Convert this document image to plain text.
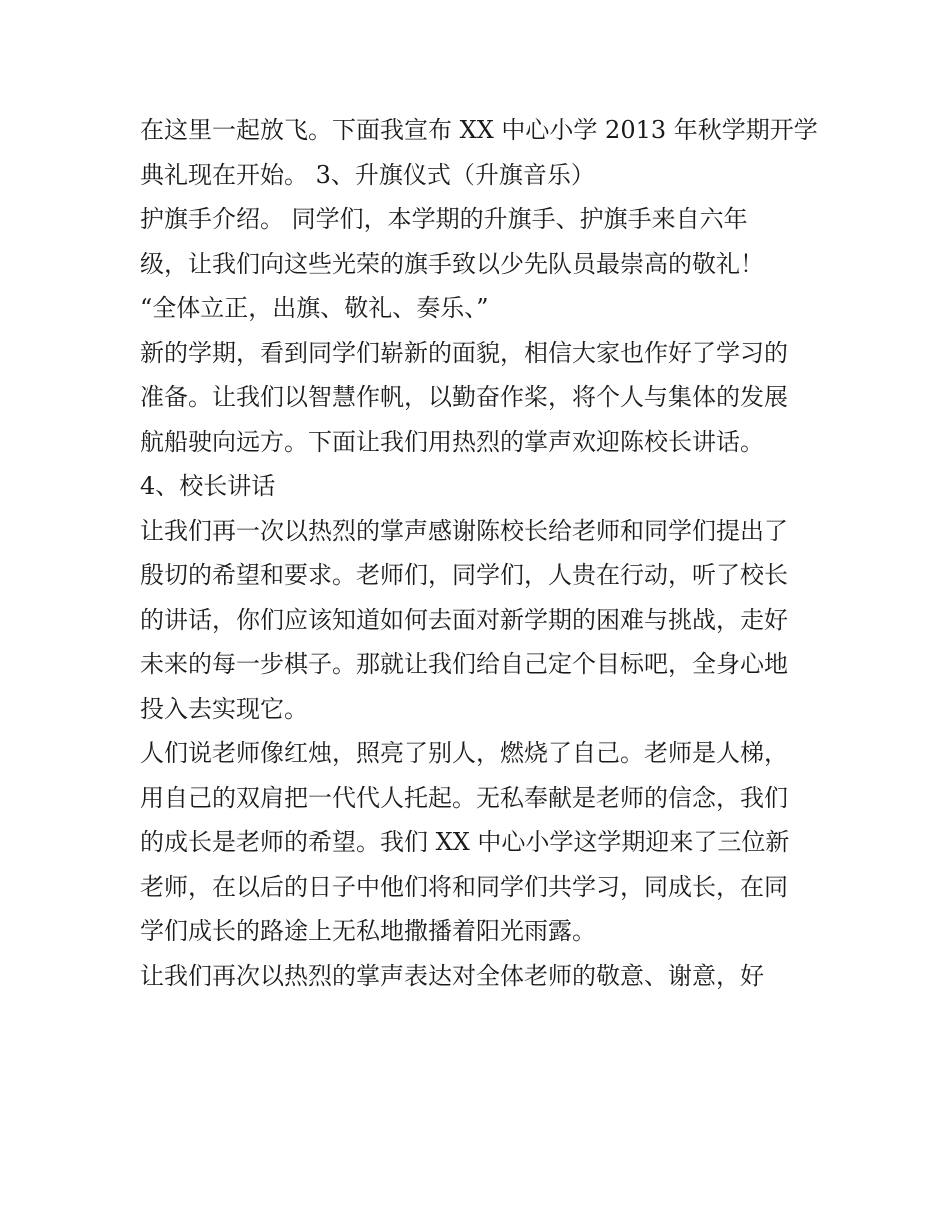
在这里一起放飞。下面我宣布 XX 中心小学 2013 年秋学期开学
典礼现在开始。 3、升旗仪式（升旗音乐）
护旗手介绍。 同学们，本学期的升旗手、护旗手来自六年
级，让我们向这些光荣的旗手致以少先队员最崇高的敬礼！
“全体立正，出旗、敬礼、奏乐、”
新的学期，看到同学们崭新的面貌，相信大家也作好了学习的
准备。让我们以智慧作帆，以勤奋作桨，将个人与集体的发展
航船驶向远方。下面让我们用热烈的掌声欢迎陈校长讲话。
4、校长讲话
让我们再一次以热烈的掌声感谢陈校长给老师和同学们提出了
殷切的希望和要求。老师们，同学们，人贵在行动，听了校长
的讲话，你们应该知道如何去面对新学期的困难与挑战，走好
未来的每一步棋子。那就让我们给自己定个目标吧，全身心地
投入去实现它。
人们说老师像红烛，照亮了别人，燃烧了自己。老师是人梯，
用自己的双肩把一代代人托起。无私奉献是老师的信念，我们
的成长是老师的希望。我们 XX 中心小学这学期迎来了三位新
老师，在以后的日子中他们将和同学们共学习，同成长，在同
学们成长的路途上无私地撒播着阳光雨露。
让我们再次以热烈的掌声表达对全体老师的敬意、谢意，好
